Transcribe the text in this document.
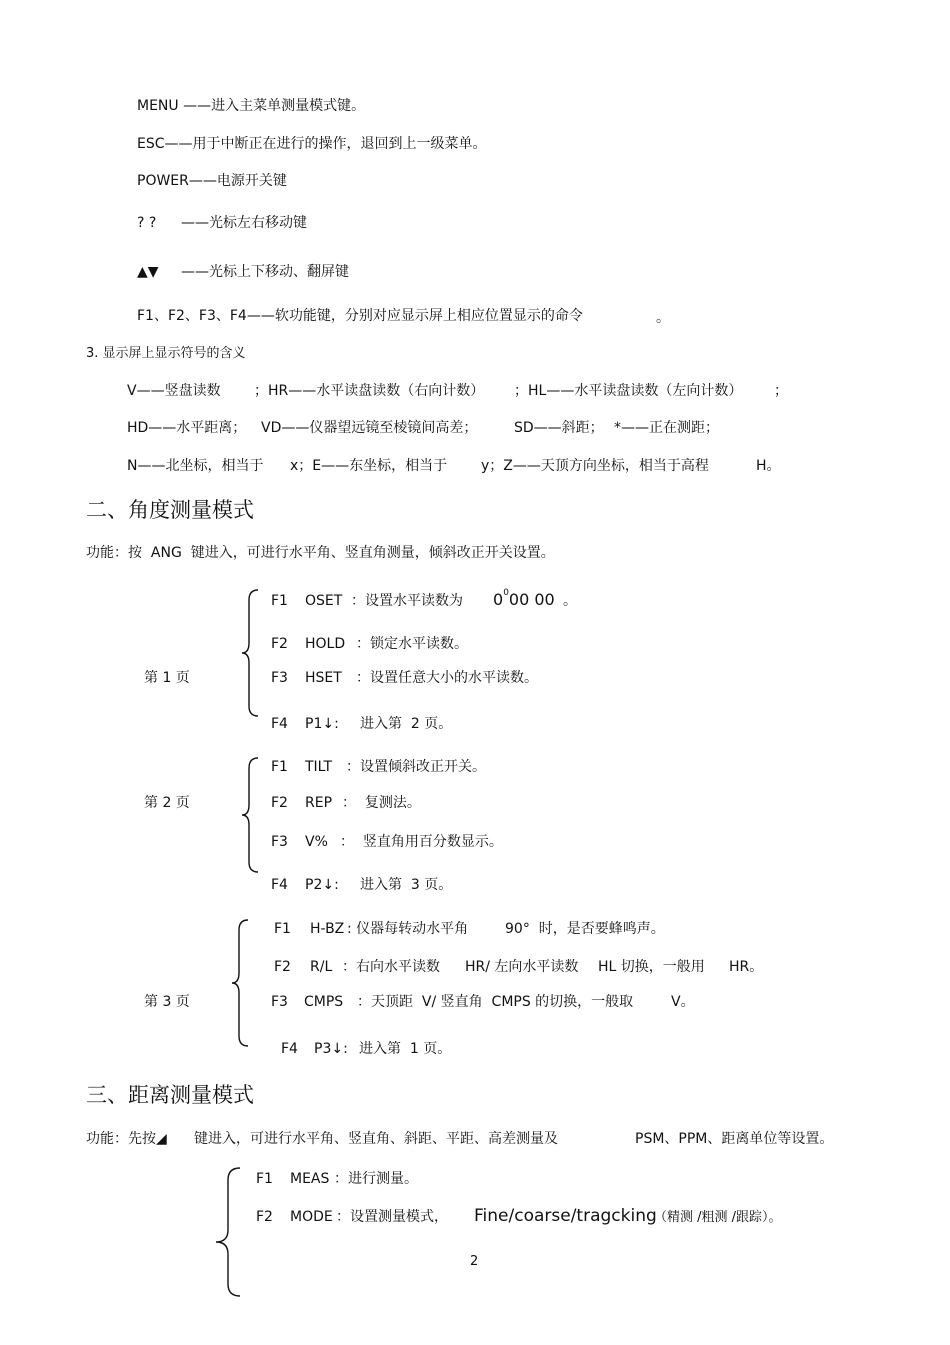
MENU ——进入主菜单测量模式键。
ESC——用于中断正在进行的操作，退回到上一级菜单。
POWER——电源开关键
? ? ——光标左右移动键
▲▼ ——光标上下移动、翻屏键
F1、F2、F3、F4——软功能键，分别对应显示屏上相应位置显示的命令	。
3. 显示屏上显示符号的含义
V——竖盘读数 ；HR——水平读盘读数（右向计数） ；HL——水平读盘读数（左向计数） ；
HD——水平距离； VD——仪器望远镜至棱镜间高差；	SD——斜距； *——正在测距；
N——北坐标，相当于 x；E——东坐标，相当于 y；Z——天顶方向坐标，相当于高程	H。
二、角度测量模式
功能：按  ANG  键进入，可进行水平角、竖直角测量，倾斜改正开关设置。
第 1 页
F1 OSET ：设置水平读数为 $0^000$ 00 。
F2 HOLD ：锁定水平读数。
F3 HSET ：设置任意大小的水平读数。
F4 P1↓: 进入第  2 页。
第 2 页
F1 TILT ：设置倾斜改正开关。
F2 REP ：  复测法。
F3 V% ：  竖直角用百分数显示。
F4 P2↓: 进入第  3 页。
第 3 页
F1 H-BZ : 仪器每转动水平角	90°  时，是否要蜂鸣声。
F2 R/L ：右向水平读数 HR/ 左向水平读数 HL 切换，一般用 HR。
F3 CMPS ：天顶距  V/ 竖直角  CMPS 的切换，一般取	V。
F4 P3↓: 进入第  1 页。
三、距离测量模式
功能：先按◢ 键进入，可进行水平角、竖直角、斜距、平距、高差测量及	PSM、PPM、距离单位等设置。
F1 MEAS ：进行测量。
F2 MODE ：设置测量模式， Fine/coarse/tragcking
（精测 /粗测 /跟踪）。
2
